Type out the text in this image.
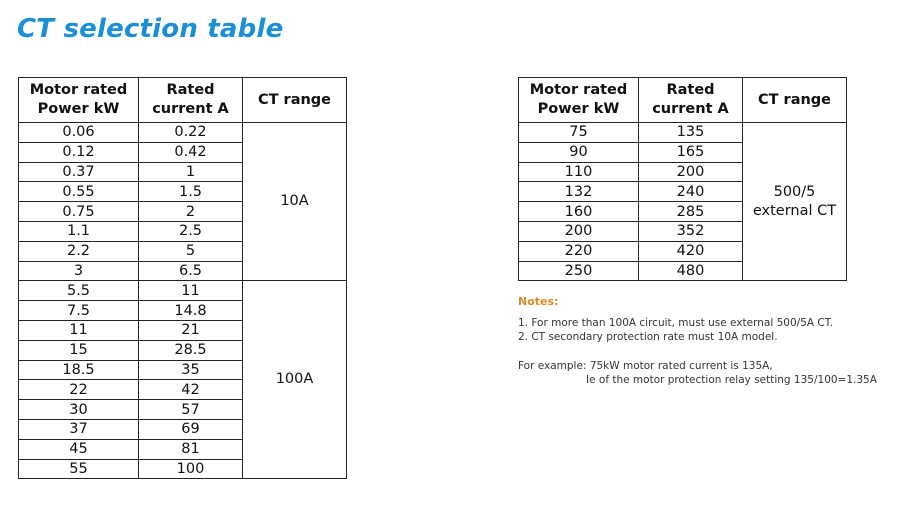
CT selection table
Motor rated Power kW	Rated current A	CT range
0.06	0.22	10A
0.12	0.42	
0.37	1	
0.55	1.5	
0.75	2	
1.1	2.5	
2.2	5	
3	6.5	
5.5	11	100A
7.5	14.8	
11	21	
15	28.5	
18.5	35	
22	42	
30	57	
37	69	
45	81	
55	100	
Motor rated Power kW	Rated current A	CT range
75	135	500/5
external CT
90	165	
110	200	
132	240	
160	285	
200	352	
220	420	
250	480	
Notes:

1. For more than 100A circuit, must use external 500/5A CT.

2. CT secondary protection rate must 10A model.

For example: 75kW motor rated current is 135A,

Ie of the motor protection relay setting 135/100=1.35A
